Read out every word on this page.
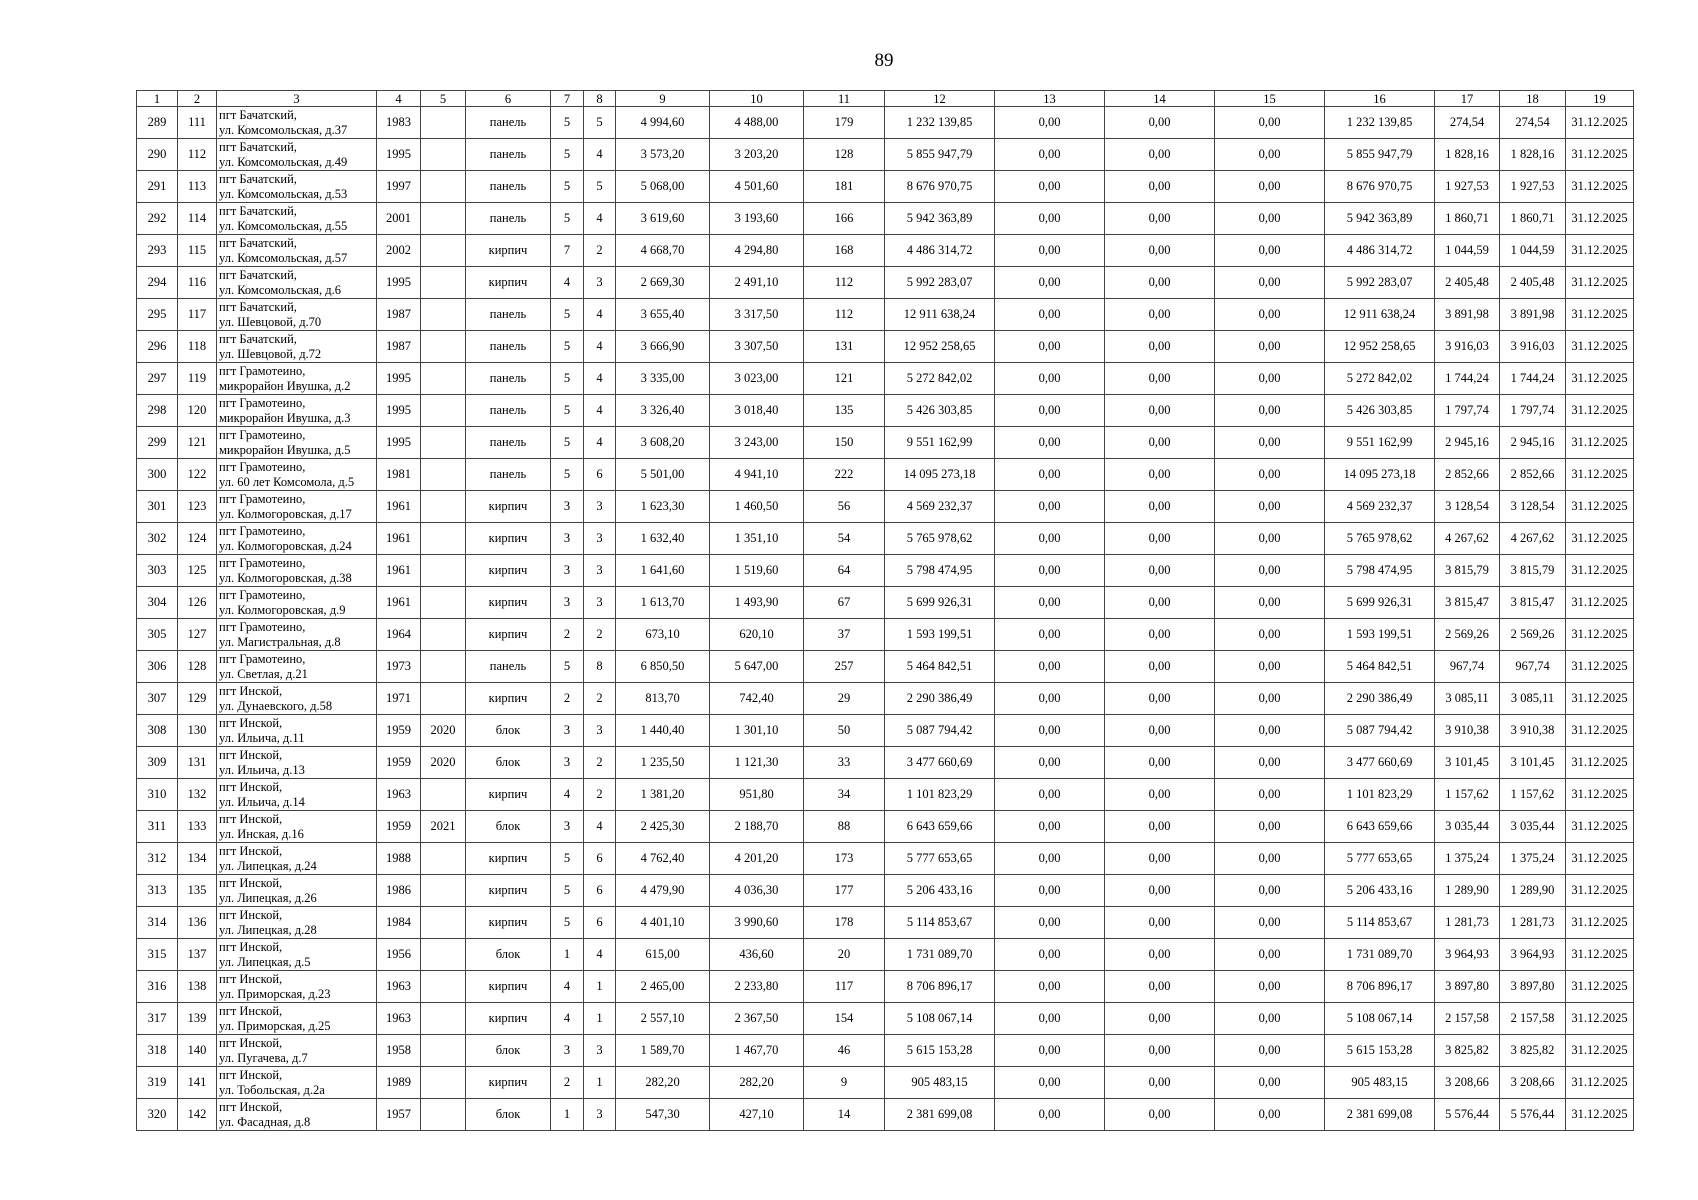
89
1	2	3	4	5	6	7	8	9	10	11	12	13	14	15	16	17	18	19
289	111	пгт Бачатский,
ул. Комсомольская, д.37	1983		панель	5	5	4 994,60	4 488,00	179	1 232 139,85	0,00	0,00	0,00	1 232 139,85	274,54	274,54	31.12.2025
290	112	пгт Бачатский,
ул. Комсомольская, д.49	1995		панель	5	4	3 573,20	3 203,20	128	5 855 947,79	0,00	0,00	0,00	5 855 947,79	1 828,16	1 828,16	31.12.2025
291	113	пгт Бачатский,
ул. Комсомольская, д.53	1997		панель	5	5	5 068,00	4 501,60	181	8 676 970,75	0,00	0,00	0,00	8 676 970,75	1 927,53	1 927,53	31.12.2025
292	114	пгт Бачатский,
ул. Комсомольская, д.55	2001		панель	5	4	3 619,60	3 193,60	166	5 942 363,89	0,00	0,00	0,00	5 942 363,89	1 860,71	1 860,71	31.12.2025
293	115	пгт Бачатский,
ул. Комсомольская, д.57	2002		кирпич	7	2	4 668,70	4 294,80	168	4 486 314,72	0,00	0,00	0,00	4 486 314,72	1 044,59	1 044,59	31.12.2025
294	116	пгт Бачатский,
ул. Комсомольская, д.6	1995		кирпич	4	3	2 669,30	2 491,10	112	5 992 283,07	0,00	0,00	0,00	5 992 283,07	2 405,48	2 405,48	31.12.2025
295	117	пгт Бачатский,
ул. Шевцовой, д.70	1987		панель	5	4	3 655,40	3 317,50	112	12 911 638,24	0,00	0,00	0,00	12 911 638,24	3 891,98	3 891,98	31.12.2025
296	118	пгт Бачатский,
ул. Шевцовой, д.72	1987		панель	5	4	3 666,90	3 307,50	131	12 952 258,65	0,00	0,00	0,00	12 952 258,65	3 916,03	3 916,03	31.12.2025
297	119	пгт Грамотеино,
микрорайон Ивушка, д.2	1995		панель	5	4	3 335,00	3 023,00	121	5 272 842,02	0,00	0,00	0,00	5 272 842,02	1 744,24	1 744,24	31.12.2025
298	120	пгт Грамотеино,
микрорайон Ивушка, д.3	1995		панель	5	4	3 326,40	3 018,40	135	5 426 303,85	0,00	0,00	0,00	5 426 303,85	1 797,74	1 797,74	31.12.2025
299	121	пгт Грамотеино,
микрорайон Ивушка, д.5	1995		панель	5	4	3 608,20	3 243,00	150	9 551 162,99	0,00	0,00	0,00	9 551 162,99	2 945,16	2 945,16	31.12.2025
300	122	пгт Грамотеино,
ул. 60 лет Комсомола, д.5	1981		панель	5	6	5 501,00	4 941,10	222	14 095 273,18	0,00	0,00	0,00	14 095 273,18	2 852,66	2 852,66	31.12.2025
301	123	пгт Грамотеино,
ул. Колмогоровская, д.17	1961		кирпич	3	3	1 623,30	1 460,50	56	4 569 232,37	0,00	0,00	0,00	4 569 232,37	3 128,54	3 128,54	31.12.2025
302	124	пгт Грамотеино,
ул. Колмогоровская, д.24	1961		кирпич	3	3	1 632,40	1 351,10	54	5 765 978,62	0,00	0,00	0,00	5 765 978,62	4 267,62	4 267,62	31.12.2025
303	125	пгт Грамотеино,
ул. Колмогоровская, д.38	1961		кирпич	3	3	1 641,60	1 519,60	64	5 798 474,95	0,00	0,00	0,00	5 798 474,95	3 815,79	3 815,79	31.12.2025
304	126	пгт Грамотеино,
ул. Колмогоровская, д.9	1961		кирпич	3	3	1 613,70	1 493,90	67	5 699 926,31	0,00	0,00	0,00	5 699 926,31	3 815,47	3 815,47	31.12.2025
305	127	пгт Грамотеино,
ул. Магистральная, д.8	1964		кирпич	2	2	673,10	620,10	37	1 593 199,51	0,00	0,00	0,00	1 593 199,51	2 569,26	2 569,26	31.12.2025
306	128	пгт Грамотеино,
ул. Светлая, д.21	1973		панель	5	8	6 850,50	5 647,00	257	5 464 842,51	0,00	0,00	0,00	5 464 842,51	967,74	967,74	31.12.2025
307	129	пгт Инской,
ул. Дунаевского, д.58	1971		кирпич	2	2	813,70	742,40	29	2 290 386,49	0,00	0,00	0,00	2 290 386,49	3 085,11	3 085,11	31.12.2025
308	130	пгт Инской,
ул. Ильича, д.11	1959	2020	блок	3	3	1 440,40	1 301,10	50	5 087 794,42	0,00	0,00	0,00	5 087 794,42	3 910,38	3 910,38	31.12.2025
309	131	пгт Инской,
ул. Ильича, д.13	1959	2020	блок	3	2	1 235,50	1 121,30	33	3 477 660,69	0,00	0,00	0,00	3 477 660,69	3 101,45	3 101,45	31.12.2025
310	132	пгт Инской,
ул. Ильича, д.14	1963		кирпич	4	2	1 381,20	951,80	34	1 101 823,29	0,00	0,00	0,00	1 101 823,29	1 157,62	1 157,62	31.12.2025
311	133	пгт Инской,
ул. Инская, д.16	1959	2021	блок	3	4	2 425,30	2 188,70	88	6 643 659,66	0,00	0,00	0,00	6 643 659,66	3 035,44	3 035,44	31.12.2025
312	134	пгт Инской,
ул. Липецкая, д.24	1988		кирпич	5	6	4 762,40	4 201,20	173	5 777 653,65	0,00	0,00	0,00	5 777 653,65	1 375,24	1 375,24	31.12.2025
313	135	пгт Инской,
ул. Липецкая, д.26	1986		кирпич	5	6	4 479,90	4 036,30	177	5 206 433,16	0,00	0,00	0,00	5 206 433,16	1 289,90	1 289,90	31.12.2025
314	136	пгт Инской,
ул. Липецкая, д.28	1984		кирпич	5	6	4 401,10	3 990,60	178	5 114 853,67	0,00	0,00	0,00	5 114 853,67	1 281,73	1 281,73	31.12.2025
315	137	пгт Инской,
ул. Липецкая, д.5	1956		блок	1	4	615,00	436,60	20	1 731 089,70	0,00	0,00	0,00	1 731 089,70	3 964,93	3 964,93	31.12.2025
316	138	пгт Инской,
ул. Приморская, д.23	1963		кирпич	4	1	2 465,00	2 233,80	117	8 706 896,17	0,00	0,00	0,00	8 706 896,17	3 897,80	3 897,80	31.12.2025
317	139	пгт Инской,
ул. Приморская, д.25	1963		кирпич	4	1	2 557,10	2 367,50	154	5 108 067,14	0,00	0,00	0,00	5 108 067,14	2 157,58	2 157,58	31.12.2025
318	140	пгт Инской,
ул. Пугачева, д.7	1958		блок	3	3	1 589,70	1 467,70	46	5 615 153,28	0,00	0,00	0,00	5 615 153,28	3 825,82	3 825,82	31.12.2025
319	141	пгт Инской,
ул. Тобольская, д.2а	1989		кирпич	2	1	282,20	282,20	9	905 483,15	0,00	0,00	0,00	905 483,15	3 208,66	3 208,66	31.12.2025
320	142	пгт Инской,
ул. Фасадная, д.8	1957		блок	1	3	547,30	427,10	14	2 381 699,08	0,00	0,00	0,00	2 381 699,08	5 576,44	5 576,44	31.12.2025
